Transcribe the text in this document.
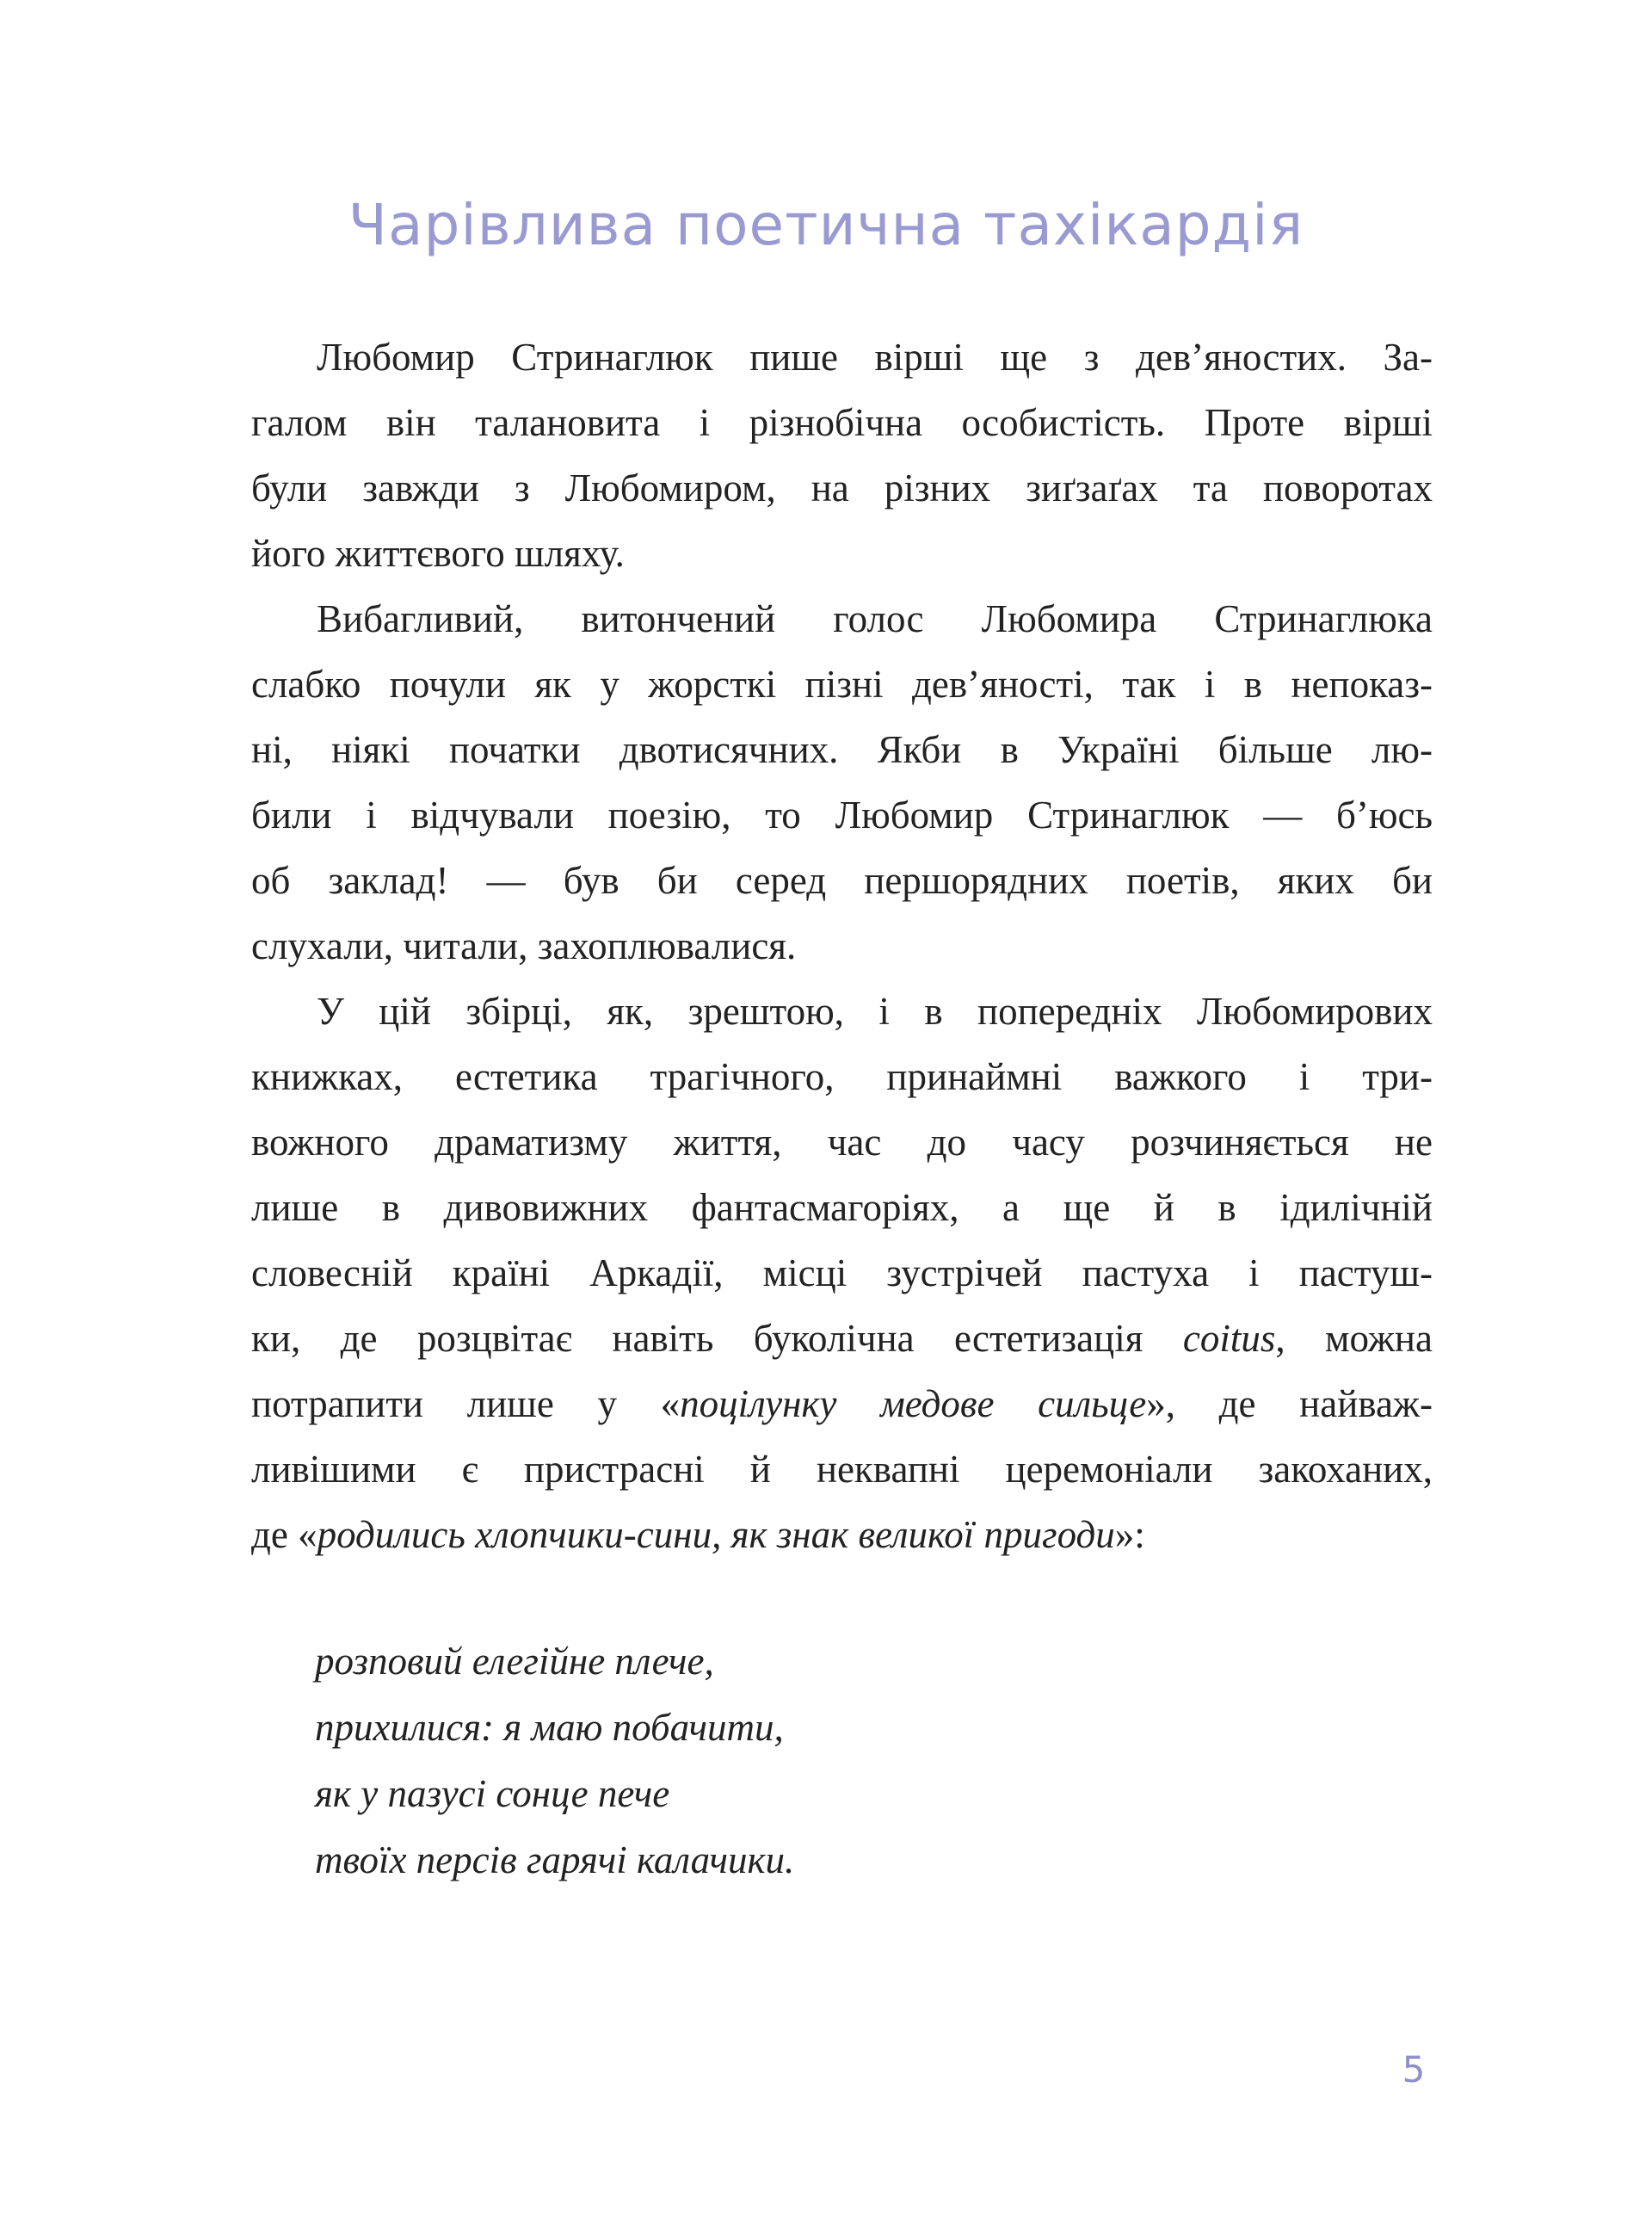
Чарівлива поетична тахікардія
Любомир Стринаглюк пише вірші ще з девʼяностих. За-
галом він талановита і різнобічна особистість. Проте вірші
були завжди з Любомиром, на різних зиґзаґах та поворотах
його життєвого шляху.
Вибагливий, витончений голос Любомира Стринаглюка
слабко почули як у жорсткі пізні девʼяності, так і в непоказ-
ні, ніякі початки двотисячних. Якби в Україні більше лю-
били і відчували поезію, то Любомир Стринаглюк — бʼюсь
об заклад! — був би серед першорядних поетів, яких би
слухали, читали, захоплювалися.
У цій збірці, як, зрештою, і в попередніх Любомирових
книжках, естетика трагічного, принаймні важкого і три-
вожного драматизму життя, час до часу розчиняється не
лише в дивовижних фантасмагоріях, а ще й в ідилічній
словесній країні Аркадії, місці зустрічей пастуха і пастуш-
ки, де розцвітає навіть буколічна естетизація coitus, можна
потрапити лише у «поцілунку медове сильце», де найваж-
ливішими є пристрасні й неквапні церемоніали закоханих,
де «родились хлопчики-сини, як знак великої пригоди»:
розповий елегійне плече,
прихилися: я маю побачити,
як у пазусі сонце пече
твоїх персів гарячі калачики.
5
